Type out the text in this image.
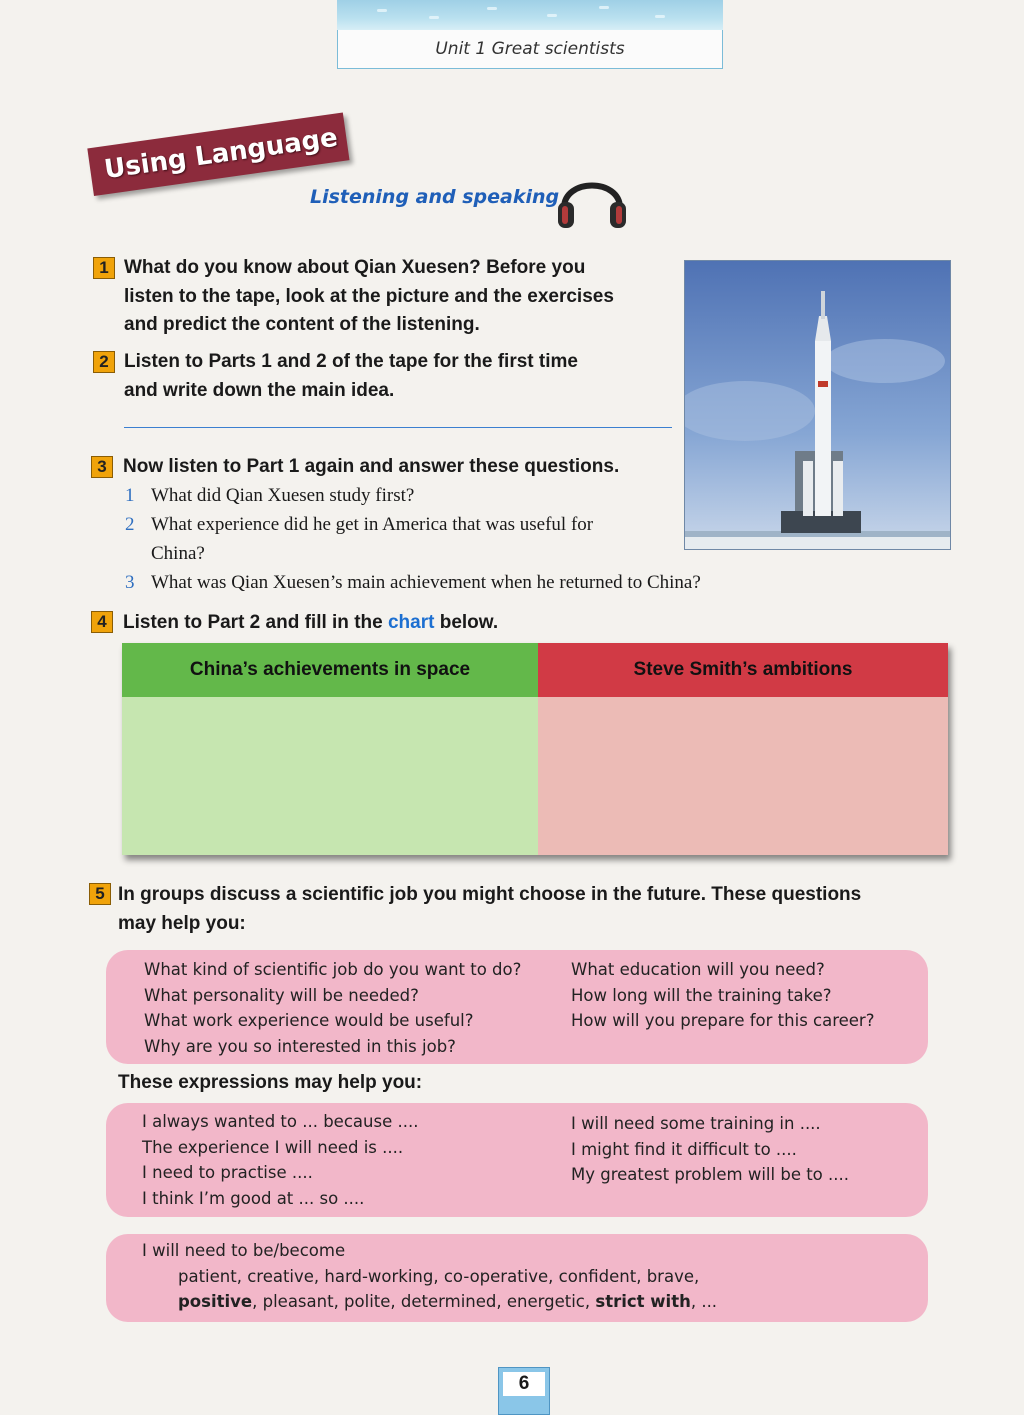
Unit 1 Great scientists
Using Language
Listening and speaking
1 What do you know about Qian Xuesen? Before you
listen to the tape, look at the picture and the exercises
and predict the content of the listening.
2 Listen to Parts 1 and 2 of the tape for the first time
and write down the main idea.
3 Now listen to Part 1 again and answer these questions.
1 What did Qian Xuesen study first?
2 What experience did he get in America that was useful for
China?
3 What was Qian Xuesen’s main achievement when he returned to China?
4 Listen to Part 2 and fill in the chart below.
China’s achievements in space	Steve Smith’s ambitions
5 In groups discuss a scientific job you might choose in the future. These questions
may help you:
What kind of scientific job do you want to do?
What personality will be needed?
What work experience would be useful?
Why are you so interested in this job?
What education will you need?
How long will the training take?
How will you prepare for this career?
These expressions may help you:
I always wanted to ... because ....
The experience I will need is ....
I need to practise ....
I think I’m good at ... so ....
I will need some training in ....
I might find it difficult to ....
My greatest problem will be to ....
I will need to be/become
patient, creative, hard-working, co-operative, confident, brave,
positive, pleasant, polite, determined, energetic, strict with, ...
6
